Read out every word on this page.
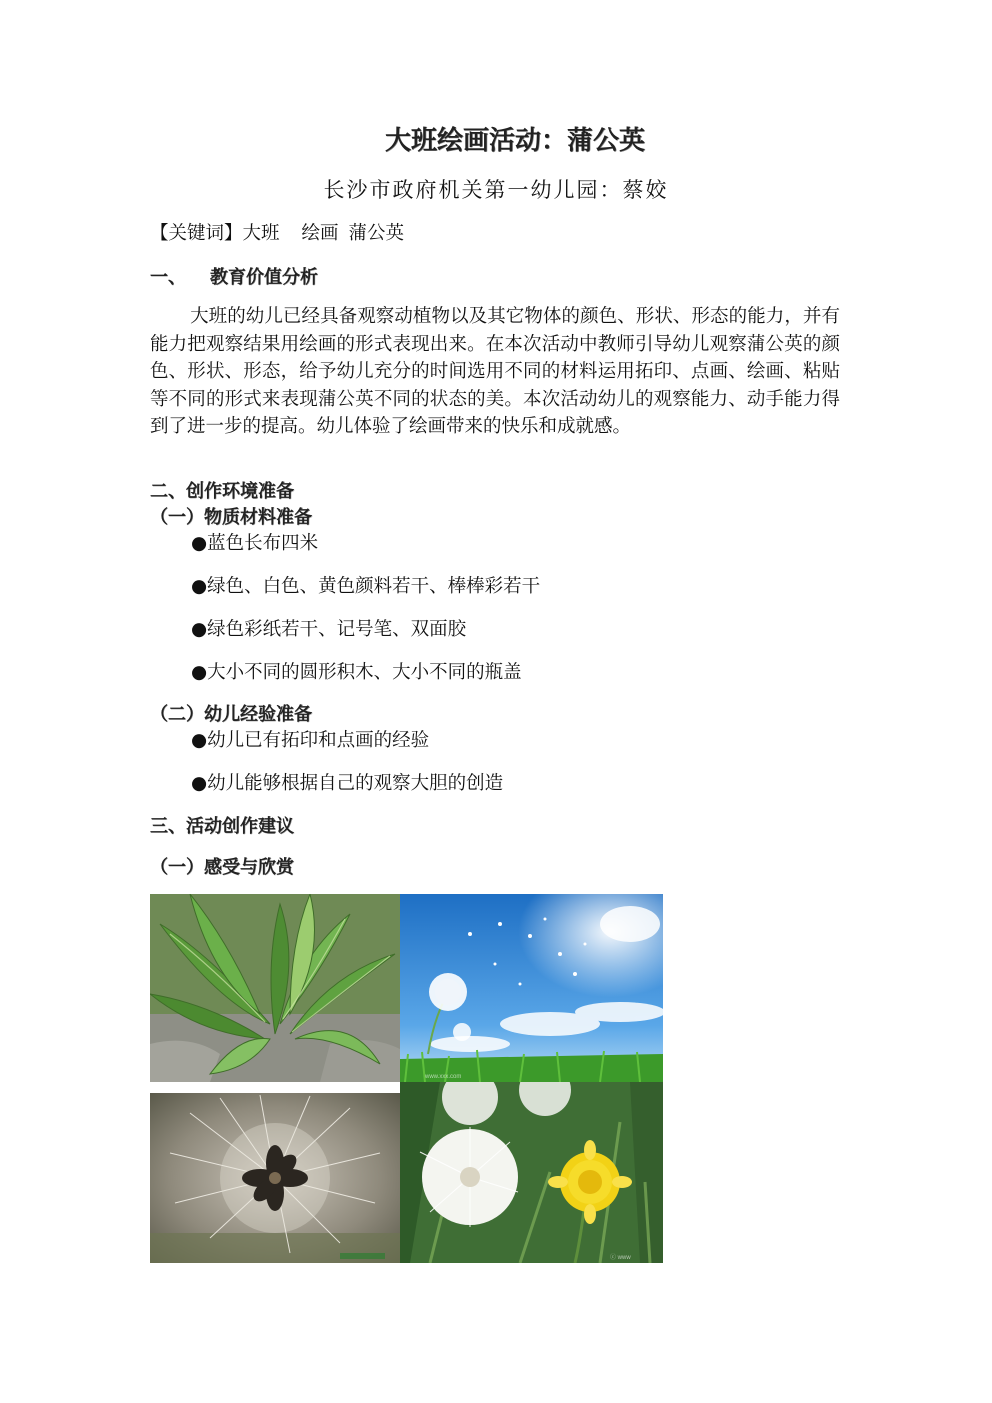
大班绘画活动：蒲公英
长沙市政府机关第一幼儿园：蔡姣
【关键词】大班 绘画 蒲公英
一、 教育价值分析
大班的幼儿已经具备观察动植物以及其它物体的颜色、形状、形态的能力，并有能力把观察结果用绘画的形式表现出来。在本次活动中教师引导幼儿观察蒲公英的颜色、形状、形态，给予幼儿充分的时间选用不同的材料运用拓印、点画、绘画、粘贴等不同的形式来表现蒲公英不同的状态的美。本次活动幼儿的观察能力、动手能力得到了进一步的提高。幼儿体验了绘画带来的快乐和成就感。
二、创作环境准备
（一）物质材料准备
●蓝色长布四米
●绿色、白色、黄色颜料若干、棒棒彩若干
●绿色彩纸若干、记号笔、双面胶
●大小不同的圆形积木、大小不同的瓶盖
（二）幼儿经验准备
●幼儿已有拓印和点画的经验
●幼儿能够根据自己的观察大胆的创造
三、活动创作建议
（一）感受与欣赏
www.xxx.com
ⓒ www
